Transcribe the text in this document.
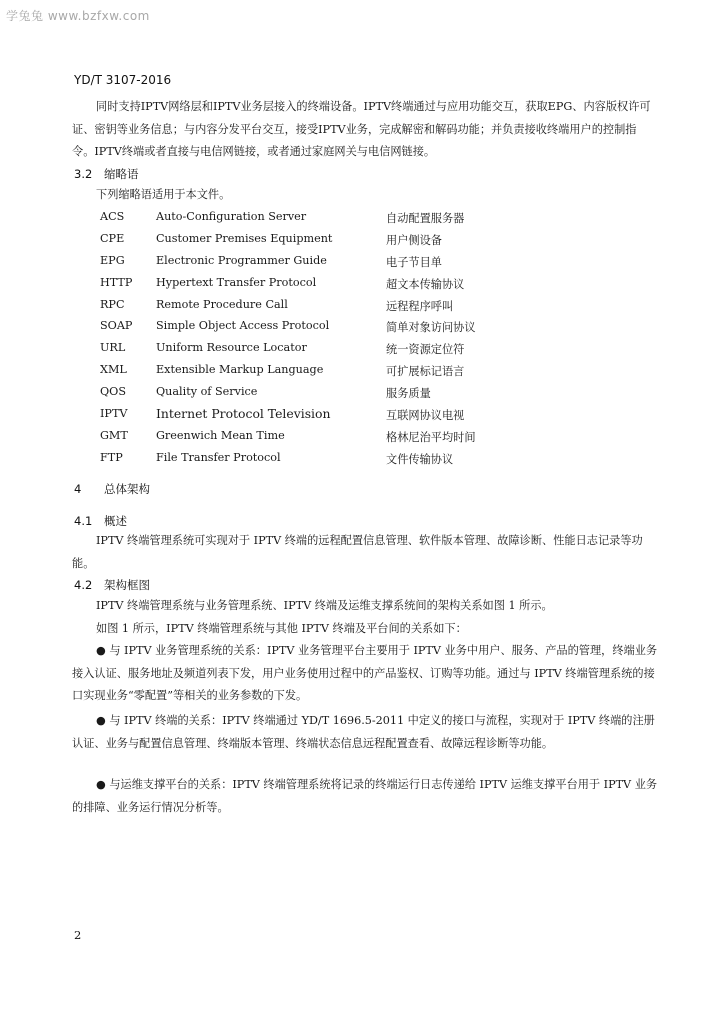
学兔兔 www.bzfxw.com
YD/T 3107-2016

同时支持IPTV网络层和IPTV业务层接入的终端设备。IPTV终端通过与应用功能交互，获取EPG、内容版权许可证、密钥等业务信息；与内容分发平台交互，接受IPTV业务，完成解密和解码功能；并负责接收终端用户的控制指令。IPTV终端或者直接与电信网链接，或者通过家庭网关与电信网链接。

3.2 缩略语

下列缩略语适用于本文件。

ACS	Auto-Configuration Server	自动配置服务器
CPE	Customer Premises Equipment	用户侧设备
EPG	Electronic Programmer Guide	电子节目单
HTTP Hypertext Transfer Protocol	超文本传输协议
RPC	Remote Procedure Call	远程程序呼叫
SOAP Simple Object Access Protocol	简单对象访问协议
URL	Uniform Resource Locator	统一资源定位符
XML	Extensible Markup Language	可扩展标记语言
QOS	Quality of Service	服务质量
IPTV Internet Protocol Television	互联网协议电视
GMT	Greenwich Mean Time	格林尼治平均时间
FTP	File Transfer Protocol	文件传输协议
4 总体架构
4.1 概述

IPTV 终端管理系统可实现对于 IPTV 终端的远程配置信息管理、软件版本管理、故障诊断、性能日志记录等功能。

4.2 架构框图

IPTV 终端管理系统与业务管理系统、IPTV 终端及运维支撑系统间的架构关系如图 1 所示。

如图 1 所示，IPTV 终端管理系统与其他 IPTV 终端及平台间的关系如下：

● 与 IPTV 业务管理系统的关系：IPTV 业务管理平台主要用于 IPTV 业务中用户、服务、产品的管理，终端业务接入认证、服务地址及频道列表下发，用户业务使用过程中的产品鉴权、订购等功能。通过与 IPTV 终端管理系统的接口实现业务“零配置”等相关的业务参数的下发。

● 与 IPTV 终端的关系：IPTV 终端通过 YD/T 1696.5-2011 中定义的接口与流程，实现对于 IPTV 终端的注册认证、业务与配置信息管理、终端版本管理、终端状态信息远程配置查看、故障远程诊断等功能。

● 与运维支撑平台的关系：IPTV 终端管理系统将记录的终端运行日志传递给 IPTV 运维支撑平台用于 IPTV 业务的排障、业务运行情况分析等。

2
